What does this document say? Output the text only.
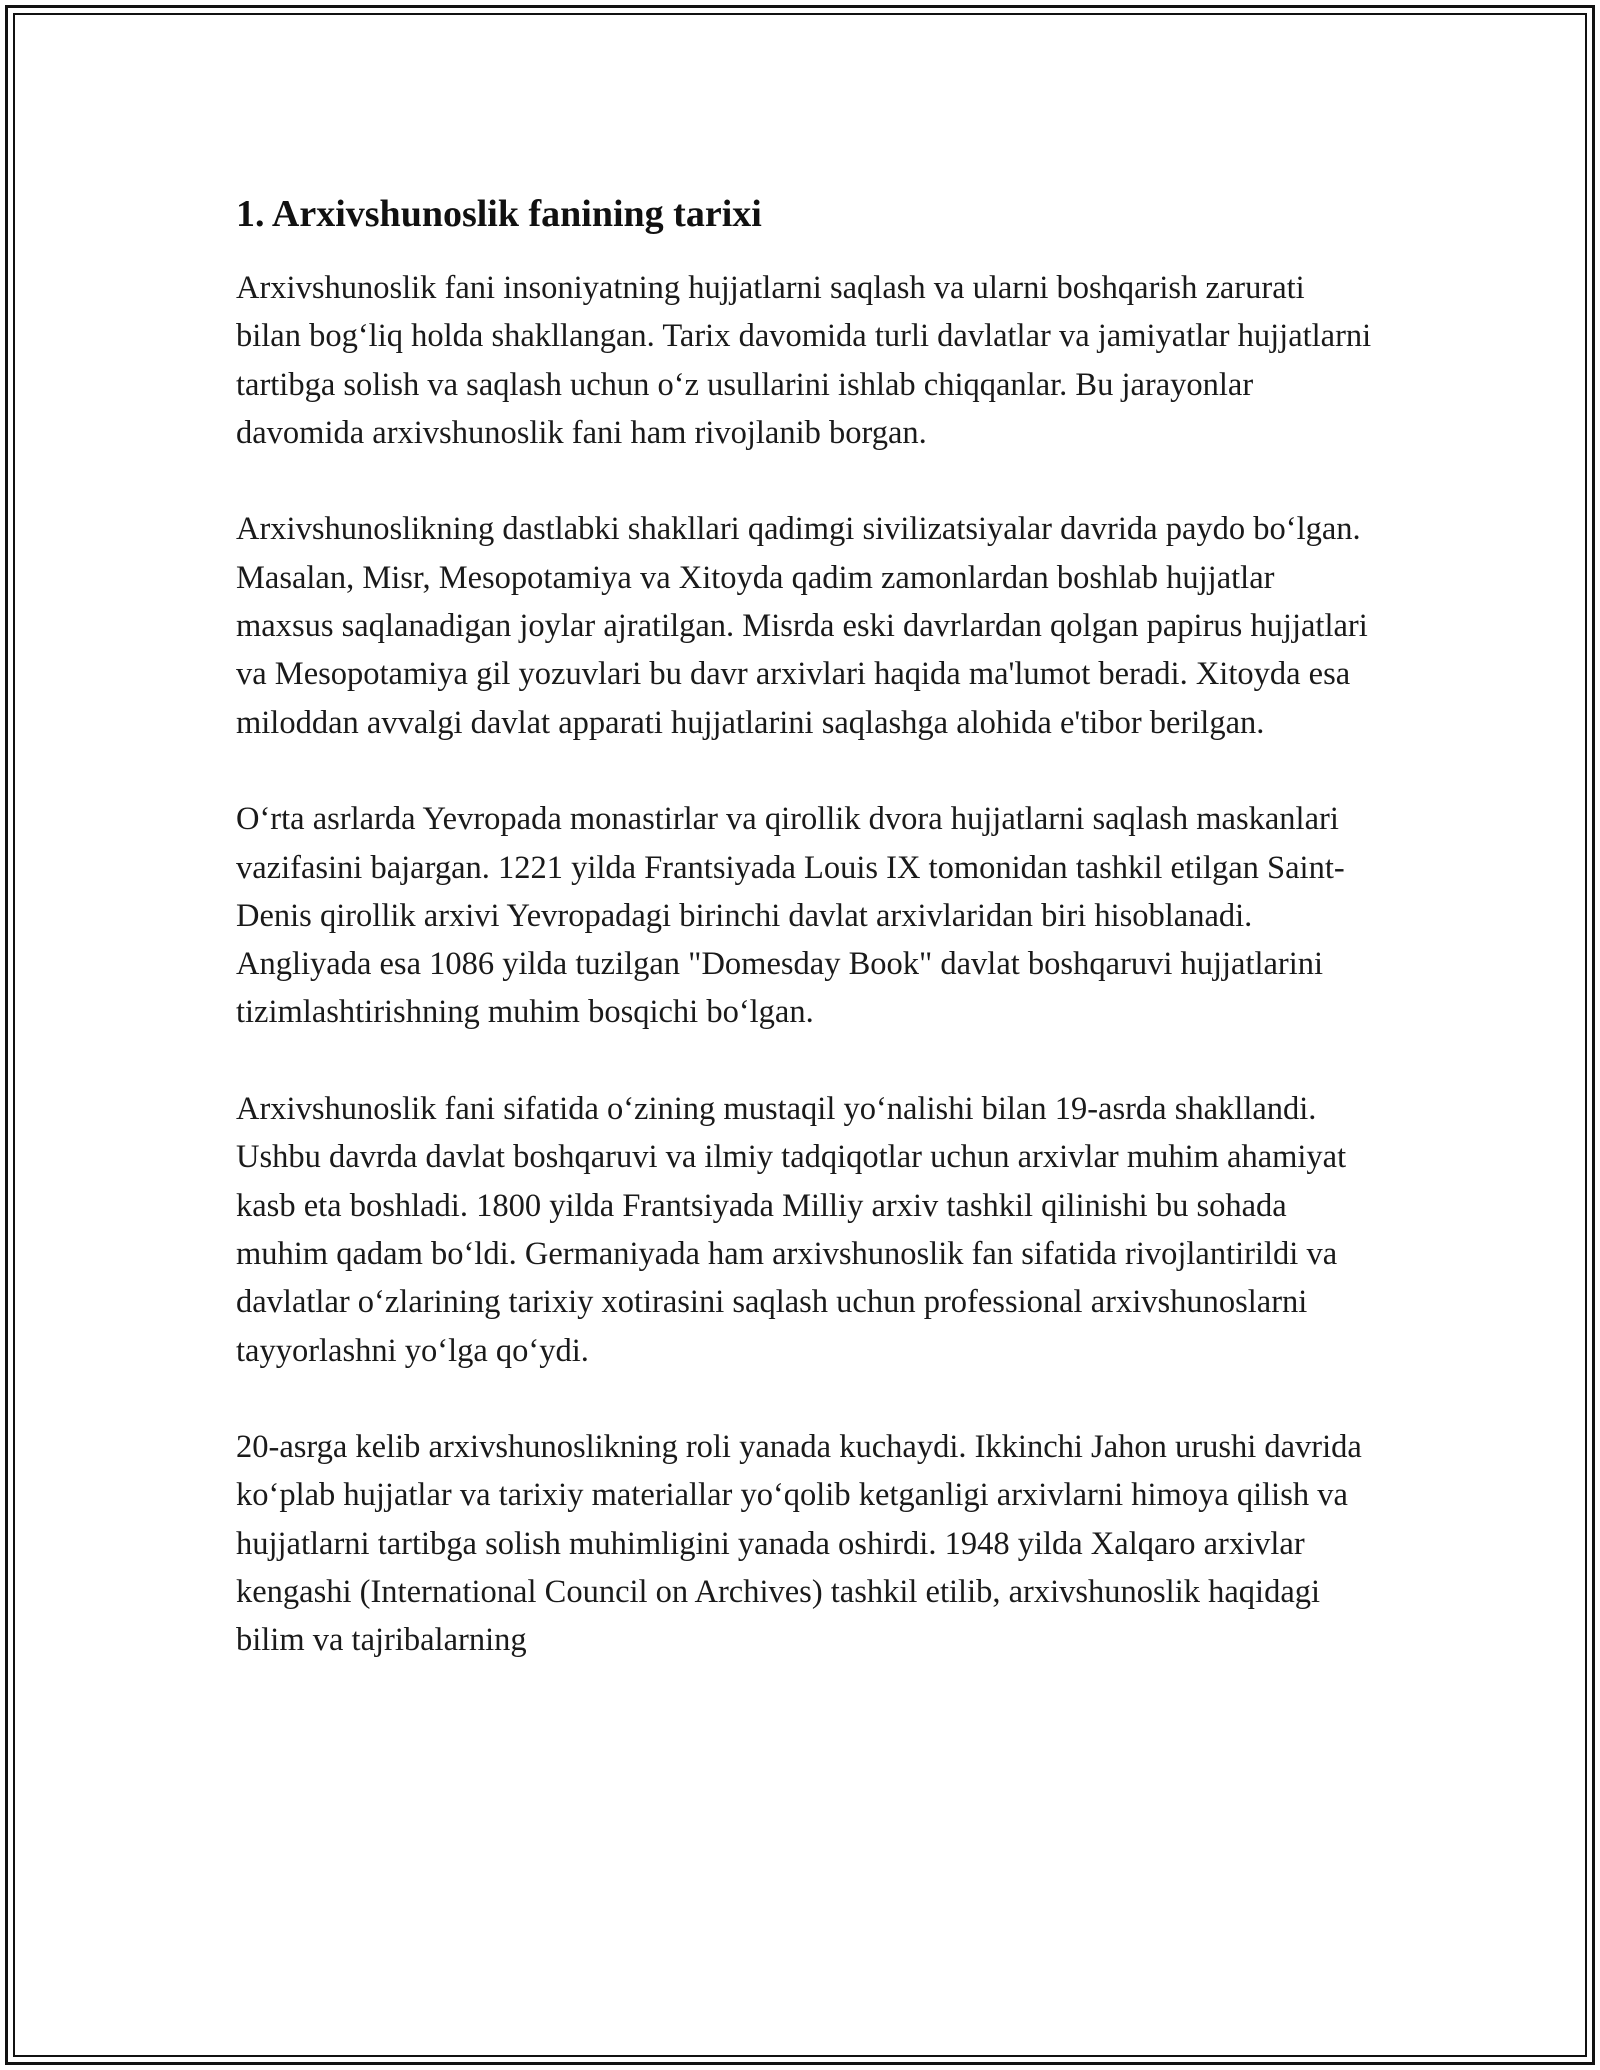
1. Arxivshunoslik fanining tarixi

Arxivshunoslik fani insoniyatning hujjatlarni saqlash va ularni boshqarish zarurati bilan bog‘liq holda shakllangan. Tarix davomida turli davlatlar va jamiyatlar hujjatlarni tartibga solish va saqlash uchun o‘z usullarini ishlab chiqqanlar. Bu jarayonlar davomida arxivshunoslik fani ham rivojlanib borgan.

Arxivshunoslikning dastlabki shakllari qadimgi sivilizatsiyalar davrida paydo bo‘lgan. Masalan, Misr, Mesopotamiya va Xitoyda qadim zamonlardan boshlab hujjatlar maxsus saqlanadigan joylar ajratilgan. Misrda eski davrlardan qolgan papirus hujjatlari va Mesopotamiya gil yozuvlari bu davr arxivlari haqida ma'lumot beradi. Xitoyda esa miloddan avvalgi davlat apparati hujjatlarini saqlashga alohida e'tibor berilgan.

O‘rta asrlarda Yevropada monastirlar va qirollik dvora hujjatlarni saqlash maskanlari vazifasini bajargan. 1221 yilda Frantsiyada Louis IX tomonidan tashkil etilgan Saint-Denis qirollik arxivi Yevropadagi birinchi davlat arxivlaridan biri hisoblanadi. Angliyada esa 1086 yilda tuzilgan "Domesday Book" davlat boshqaruvi hujjatlarini tizimlashtirishning muhim bosqichi bo‘lgan.

Arxivshunoslik fani sifatida o‘zining mustaqil yo‘nalishi bilan 19-asrda shakllandi. Ushbu davrda davlat boshqaruvi va ilmiy tadqiqotlar uchun arxivlar muhim ahamiyat kasb eta boshladi. 1800 yilda Frantsiyada Milliy arxiv tashkil qilinishi bu sohada muhim qadam bo‘ldi. Germaniyada ham arxivshunoslik fan sifatida rivojlantirildi va davlatlar o‘zlarining tarixiy xotirasini saqlash uchun professional arxivshunoslarni tayyorlashni yo‘lga qo‘ydi.

20-asrga kelib arxivshunoslikning roli yanada kuchaydi. Ikkinchi Jahon urushi davrida ko‘plab hujjatlar va tarixiy materiallar yo‘qolib ketganligi arxivlarni himoya qilish va hujjatlarni tartibga solish muhimligini yanada oshirdi. 1948 yilda Xalqaro arxivlar kengashi (International Council on Archives) tashkil etilib, arxivshunoslik haqidagi bilim va tajribalarning
